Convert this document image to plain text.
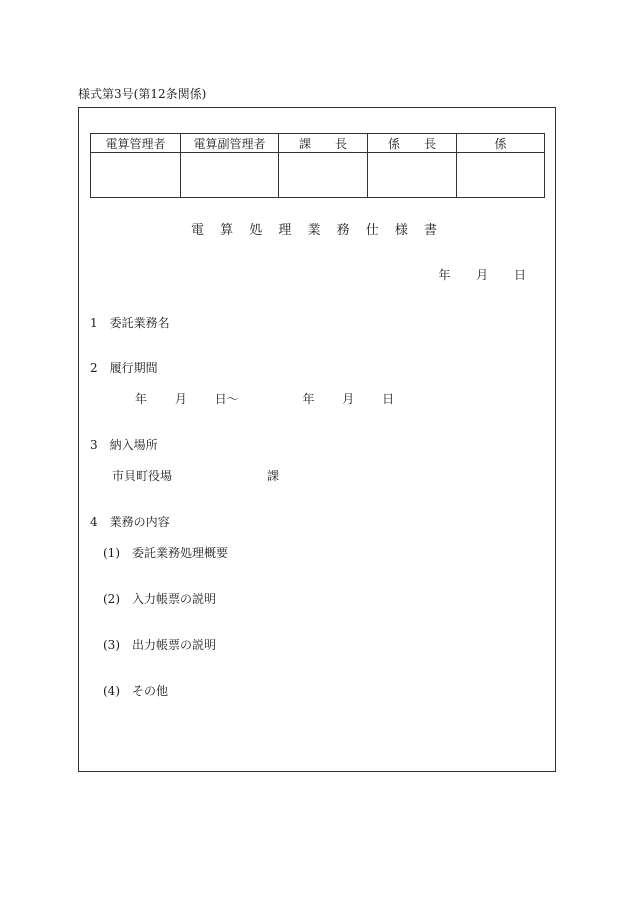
様式第3号(第12条関係)
電算管理者	電算副管理者	課　　長	係　　長	係

電 算 処 理 業 務 仕 様 書
年 月 日
1　委託業務名
2　履行期間
年 月 日～　　　 年 月 日
3　納入場所
市貝町役場	課
4　業務の内容
(1)　委託業務処理概要
(2)　入力帳票の説明
(3)　出力帳票の説明
(4)　その他
